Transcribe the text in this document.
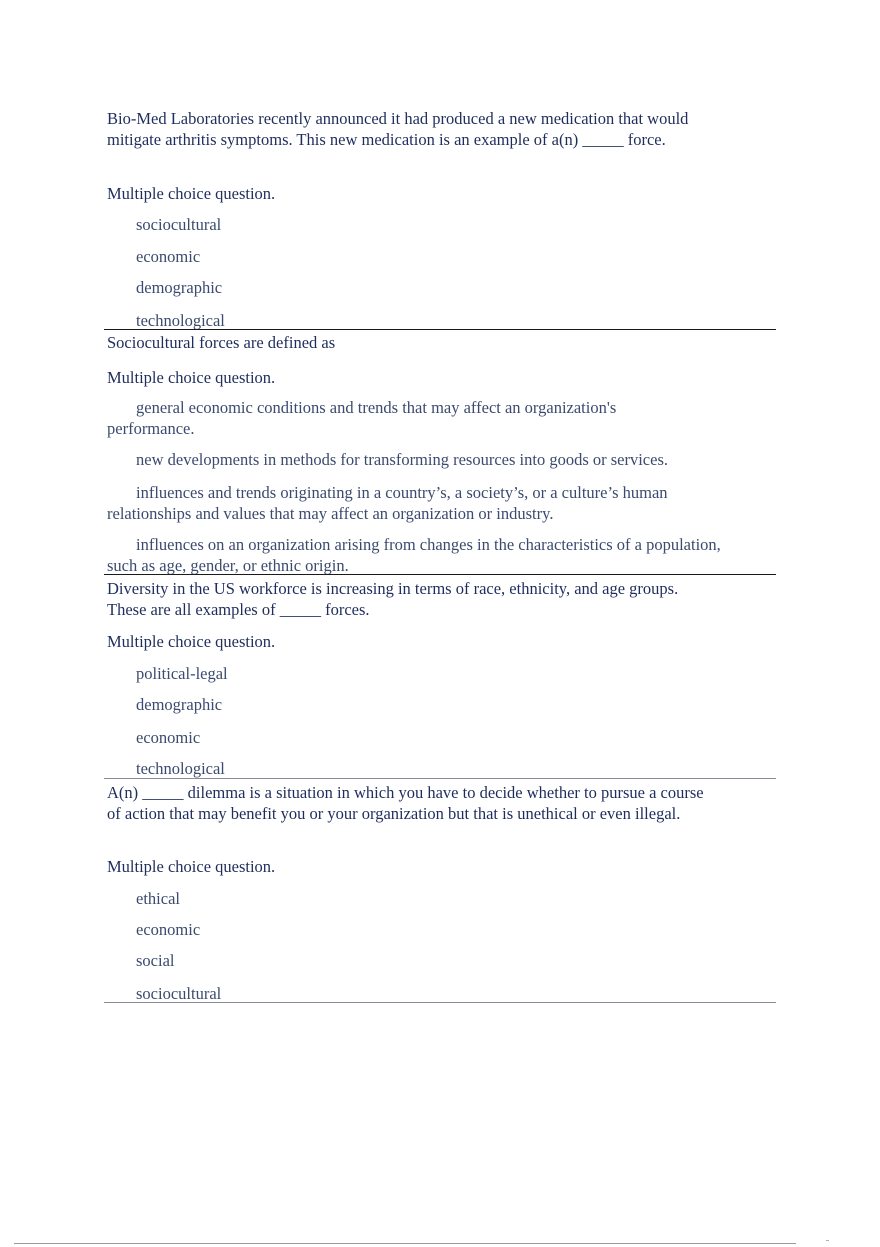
Bio-Med Laboratories recently announced it had produced a new medication that would mitigate arthritis symptoms. This new medication is an example of a(n) _____ force.

Multiple choice question.

sociocultural

economic

demographic

technological

Sociocultural forces are defined as

Multiple choice question.

general economic conditions and trends that may affect an organization's performance.

new developments in methods for transforming resources into goods or services.

influences and trends originating in a country’s, a society’s, or a culture’s human relationships and values that may affect an organization or industry.

influences on an organization arising from changes in the characteristics of a population, such as age, gender, or ethnic origin.

Diversity in the US workforce is increasing in terms of race, ethnicity, and age groups. These are all examples of _____ forces.

Multiple choice question.

political-legal

demographic

economic

technological

A(n) _____ dilemma is a situation in which you have to decide whether to pursue a course of action that may benefit you or your organization but that is unethical or even illegal.

Multiple choice question.

ethical

economic

social

sociocultural
